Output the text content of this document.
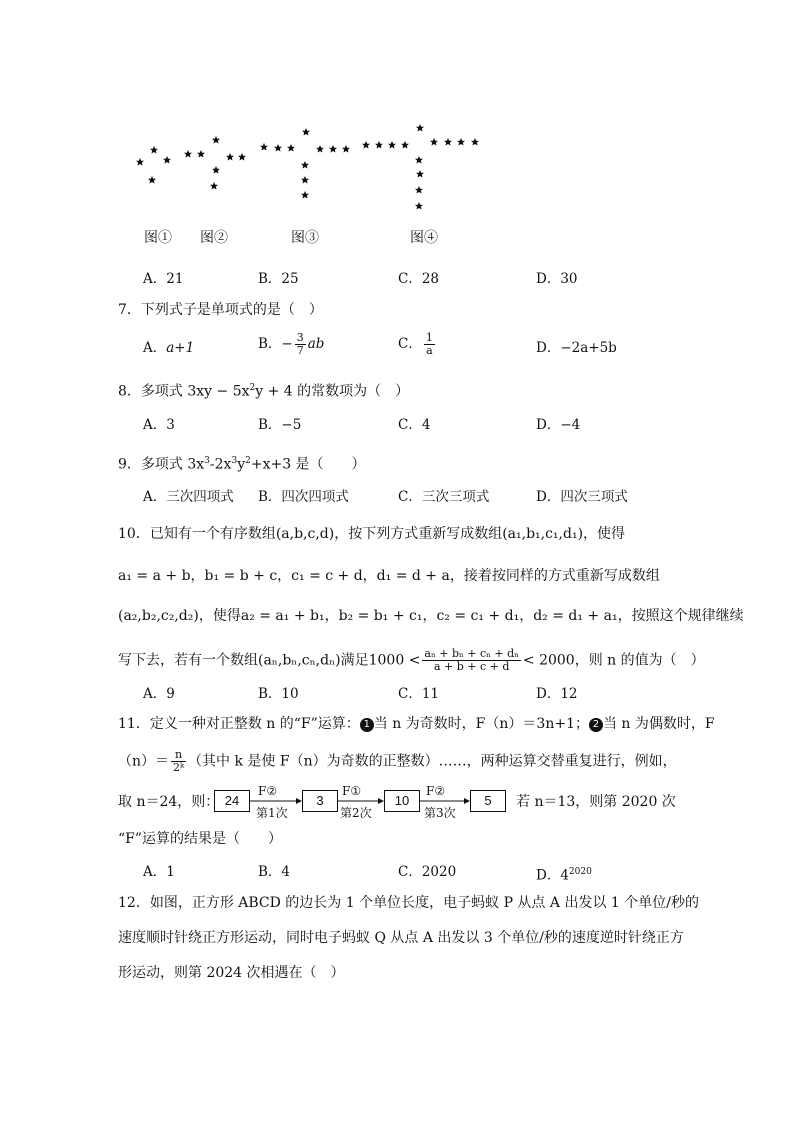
图① 图②	图③	图④
A．21	B．25	C．28	D．30
7．下列式子是单项式的是（　）
A．a+1	B．− $\frac{3}{7}$ ab	C． $\frac{1}{a}$	D．−2a+5b
8．多项式 $3xy - 5x^2y + 4$ 的常数项为（　）
A．3	B．−5	C．4	D．−4
9．多项式 $3x^3-2x^3y^2+x+3$ 是（　　）
A．三次四项式 B．四次四项式	C．三次三项式	D．四次三项式
10．已知有一个有序数组(a,b,c,d)，按下列方式重新写成数组(a₁,b₁,c₁,d₁)，使得
a₁ = a + b，b₁ = b + c，c₁ = c + d，d₁ = d + a，接着按同样的方式重新写成数组
(a₂,b₂,c₂,d₂)，使得a₂ = a₁ + b₁，b₂ = b₁ + c₁，c₂ = c₁ + d₁，d₂ = d₁ + a₁，按照这个规律继续
写下去，若有一个数组(aₙ,bₙ,cₙ,dₙ)满足$1000 < \frac{\text{aₙ + bₙ + cₙ + dₙ}}{a + b + c + d} < 2000$，则 n 的值为（　）
A．9	B．10	C．11	D．12
11．定义一种对正整数 n 的“F”运算： 1 当 n 为奇数时，F（n）＝3n+1； 2 当 n 为偶数时，F
$(n)= \frac{n}{\text{2ᵏ}}$ （其中 k 是使 F（n）为奇数的正整数）……，两种运算交替重复进行，例如，
取 n＝24，则： 24	3	10	5
F②	F①	F②
第1次	第2次	第3次
若 n＝13，则第 2020 次
“F”运算的结果是（　　）
A．1	B．4	C．2020	D．$4^{2020}$
12．如图，正方形 ABCD 的边长为 1 个单位长度，电子蚂蚁 P 从点 A 出发以 1 个单位/秒的
速度顺时针绕正方形运动，同时电子蚂蚁 Q 从点 A 出发以 3 个单位/秒的速度逆时针绕正方
形运动，则第 2024 次相遇在（　）
